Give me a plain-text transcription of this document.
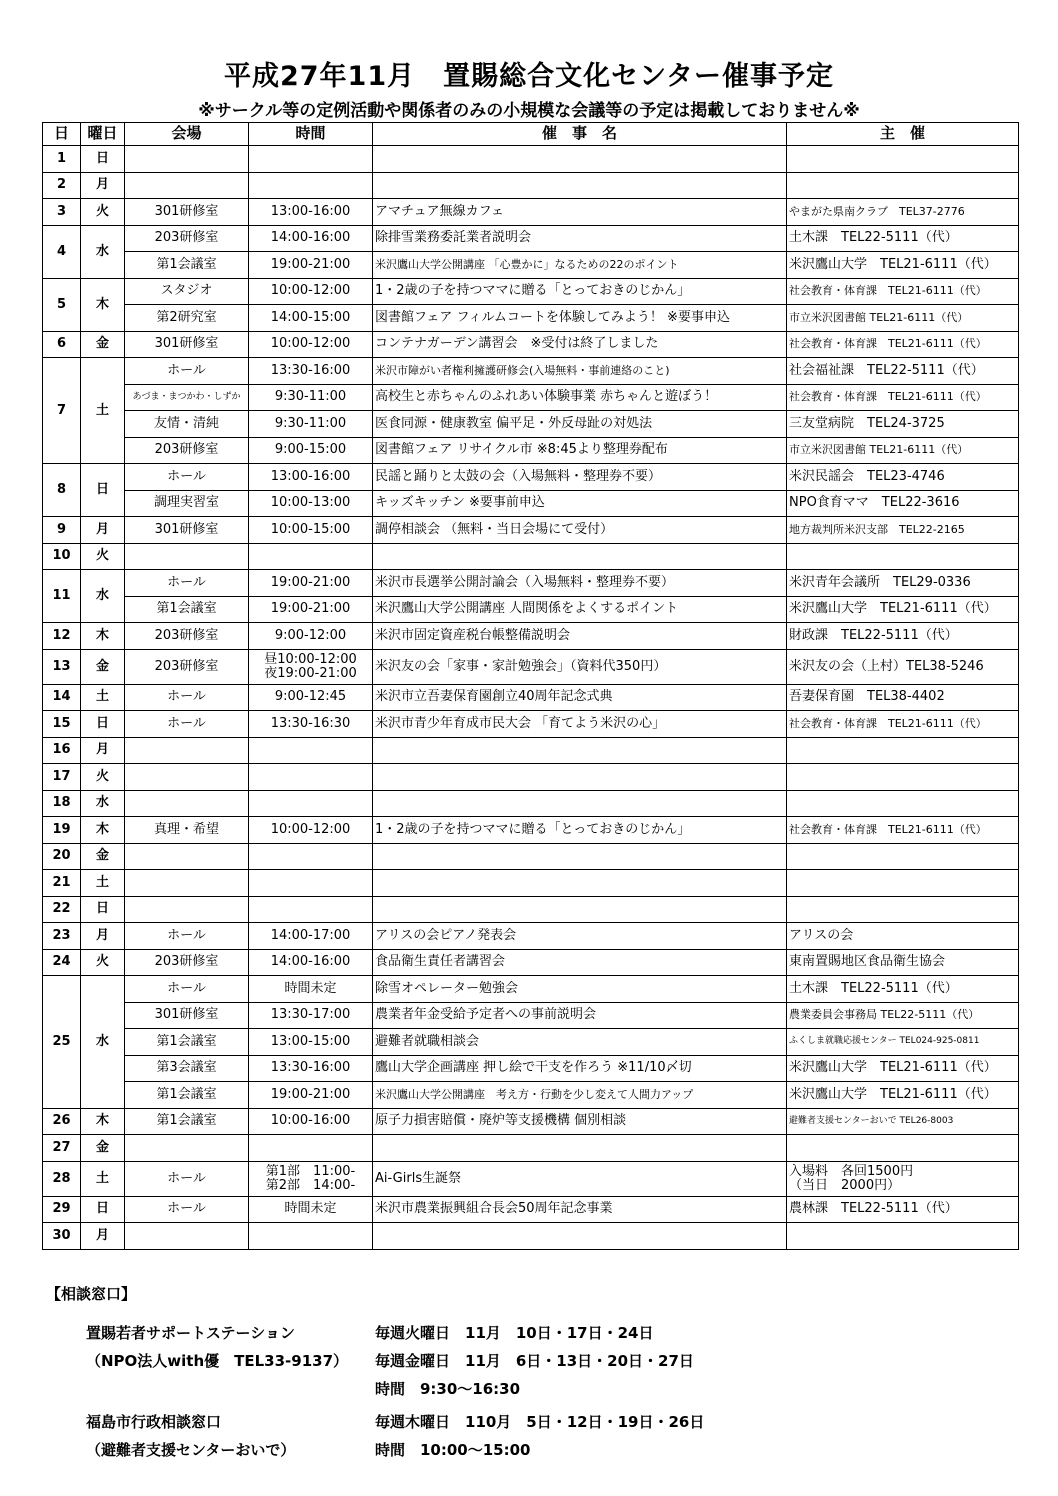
平成27年11月　置賜総合文化センター催事予定
※サークル等の定例活動や関係者のみの小規模な会議等の予定は掲載しておりません※
日	曜日	会場	時間	催　事　名	主　催
1	日				
2	月				
3	火	301研修室	13:00-16:00	アマチュア無線カフェ	やまがた県南クラブ　TEL37-2776
4	水	203研修室	14:00-16:00	除排雪業務委託業者説明会	土木課　TEL22-5111（代）
		第1会議室	19:00-21:00	米沢鷹山大学公開講座 「心豊かに」なるための22のポイント	米沢鷹山大学　TEL21-6111（代）
5	木	スタジオ	10:00-12:00	1・2歳の子を持つママに贈る「とっておきのじかん」	社会教育・体育課　TEL21-6111（代）
		第2研究室	14:00-15:00	図書館フェア フィルムコートを体験してみよう！ ※要事申込	市立米沢図書館 TEL21-6111（代）
6	金	301研修室	10:00-12:00	コンテナガーデン講習会　※受付は終了しました	社会教育・体育課　TEL21-6111（代）
7	土	ホール	13:30-16:00	米沢市障がい者権利擁護研修会(入場無料・事前連絡のこと)	社会福祉課　TEL22-5111（代）
		あづま・まつかわ・しずか	9:30-11:00	高校生と赤ちゃんのふれあい体験事業 赤ちゃんと遊ぼう！	社会教育・体育課　TEL21-6111（代）
		友情・清純	9:30-11:00	医食同源・健康教室 偏平足・外反母趾の対処法	三友堂病院　TEL24-3725
		203研修室	9:00-15:00	図書館フェア リサイクル市 ※8:45より整理券配布	市立米沢図書館 TEL21-6111（代）
8	日	ホール	13:00-16:00	民謡と踊りと太鼓の会（入場無料・整理券不要）	米沢民謡会　TEL23-4746
		調理実習室	10:00-13:00	キッズキッチン ※要事前申込	NPO食育ママ　TEL22-3616
9	月	301研修室	10:00-15:00	調停相談会 （無料・当日会場にて受付）	地方裁判所米沢支部　TEL22-2165
10	火				
11	水	ホール	19:00-21:00	米沢市長選挙公開討論会（入場無料・整理券不要）	米沢青年会議所　TEL29-0336
		第1会議室	19:00-21:00	米沢鷹山大学公開講座 人間関係をよくするポイント	米沢鷹山大学　TEL21-6111（代）
12	木	203研修室	9:00-12:00	米沢市固定資産税台帳整備説明会	財政課　TEL22-5111（代）
13	金	203研修室	昼10:00-12:00
夜19:00-21:00	米沢友の会「家事・家計勉強会」（資料代350円）	米沢友の会（上村）TEL38-5246
14	土	ホール	9:00-12:45	米沢市立吾妻保育園創立40周年記念式典	吾妻保育園　TEL38-4402
15	日	ホール	13:30-16:30	米沢市青少年育成市民大会 「育てよう米沢の心」	社会教育・体育課　TEL21-6111（代）
16	月				
17	火				
18	水				
19	木	真理・希望	10:00-12:00	1・2歳の子を持つママに贈る「とっておきのじかん」	社会教育・体育課　TEL21-6111（代）
20	金				
21	土				
22	日				
23	月	ホール	14:00-17:00	アリスの会ピアノ発表会	アリスの会
24	火	203研修室	14:00-16:00	食品衛生責任者講習会	東南置賜地区食品衛生協会
25	水	ホール	時間未定	除雪オペレーター勉強会	土木課　TEL22-5111（代）
		301研修室	13:30-17:00	農業者年金受給予定者への事前説明会	農業委員会事務局 TEL22-5111（代）
		第1会議室	13:00-15:00	避難者就職相談会	ふくしま就職応援センター TEL024-925-0811
		第3会議室	13:30-16:00	鷹山大学企画講座 押し絵で干支を作ろう ※11/10〆切	米沢鷹山大学　TEL21-6111（代）
		第1会議室	19:00-21:00	米沢鷹山大学公開講座　考え方・行動を少し変えて人間力アップ	米沢鷹山大学　TEL21-6111（代）
26	木	第1会議室	10:00-16:00	原子力損害賠償・廃炉等支援機構 個別相談	避難者支援センターおいで TEL26-8003
27	金				
28	土	ホール	第1部　11:00-
第2部　14:00-	Ai-Girls生誕祭	入場料　各回1500円
（当日　2000円）
29	日	ホール	時間未定	米沢市農業振興組合長会50周年記念事業	農林課　TEL22-5111（代）
30	月				
【相談窓口】
置賜若者サポートステーション	毎週火曜日　11月　10日・17日・24日
（NPO法人with優　TEL33-9137） 毎週金曜日　11月　6日・13日・20日・27日
時間　9:30〜16:30
福島市行政相談窓口	毎週木曜日　110月　5日・12日・19日・26日
（避難者支援センターおいで）	時間　10:00〜15:00
